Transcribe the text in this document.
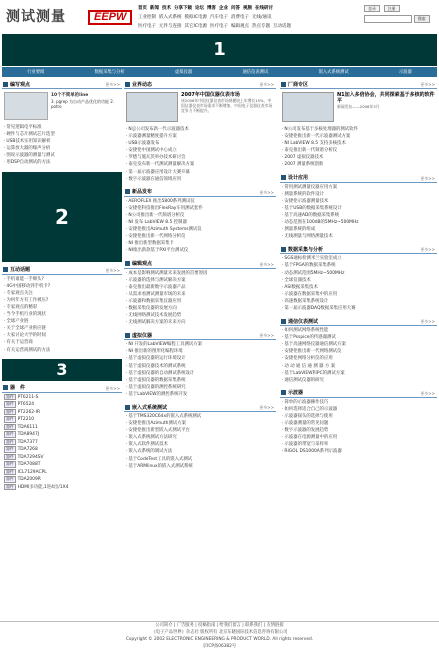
测试测量	EEPW
首页 新闻 技术 分享下载 论坛 博客 企业 问答 视频 在线研讨
工业控制 嵌入式系统 模拟IC电源 汽车电子 消费电子 无线/通讯
医疗电子 元件与连接 其它IC电源 医疗电子 编辑观点 热点专题 互动话题
登录	注册
搜索
1
行业要闻	数据采集与分析	虚拟仪器	通信仪表测试	嵌入式系统测试	示波器
编写观点	更多>>
10个不简单的line
3. pgrep 为自动产品优化的功能 2. potro
· 常见逻辑电平标准
· 硬件与芯片测试芯片选型
· USB技术实用知识解析
· 运算放大器的噪声分析
· 图说示波器的测量与测试
· 用DSP自动测试的方法
2
互动话题	更多>>
· 手机谁能一手爆头?
· 4G中国移动到手机卡?
· 专家观点关注
· 为何年方有工作被压?
· 专家观点的精彩
· 当今手机行业的现状
· 全球产业链
· 关于全球产业供应链
· 大家讨论大学的时间
· 有关于运营商
· 有关运营商测试的方法
3
器　件	更多>>
器件 PT6211-S
器件 PT6524
器件 PT2262-IR
器件 PT2210
器件 TDA6111
器件 TDA8947J
器件 TDA7377
器件 TDA7268
器件 TDA7294SV
器件 TDA7088T
器件 ICL7129ACPL
器件 TDA2009R
器件 HDMI多功能,1进4出/1X4
业界动态	更多>>
2007年中国仪器仪表市场
该2006年中国仪器仪表市场规模较上年增长15%，中国仪器仪表市场需求不断增加，中国电子仪器仪表市场竞争力不断提升。
· N总公司发布新一代示波器技术
· 示波器测量精度提升方案
· USB示波器发布
· 安捷伦中国测试中心成立
· 罗德与施瓦茨举办技术研讨会
· 泰克发布新一代测试测量解决方案
· 第一届示波器应用设计大赛开幕
· 数字示波器在通信领域应用
新品发布	更多>>
· AEROFLEX 推出5800系列测试仪
· 安捷伦科技推出FlexRay车用测试套件
· N公司推出新一代频谱分析仪
· NI 发布 LabVIEW 8.5 控制器
· 安捷伦推出Azimuth Systems测试仪
· 安捷伦推出新一代网络分析仪
· NI 推出新型数据采集卡
· NI推出新款基于PXI平台测试仪
编辑观点	更多>>
· 成本是影响测试测量未来发展的首要原因
· 示波器的选择与测试解决方案
· 泰克推出最新数字示波器产品
· 从需求看测试测量市场的未来
· 示波器和数据采集仪器应用
· 数据采集仪器的发展方向
· 无线网络测试技术发展趋势
· 无线测试解决方案的未来方向
虚拟仪器	更多>>
· NI 开发的LabVIEW编程工具测试方案
· NI 推出新的图形化编程环境
· 基于虚拟仪器的运行环境设计
· 基于虚拟仪器技术的测试系统
· 基于虚拟仪器的自动测试系统设计
· 基于虚拟仪器的数据采集系统
· 基于虚拟仪器的测控系统研究
· 基于LabVIEW的测控系统开发
嵌入式系统测试	更多>>
· 基于TMS320C64x的嵌入式系统测试
· 安捷伦推出Azimuth测试方案
· 安捷伦推出新型嵌入式测试平台
· 嵌入式系统测试方法研究
· 嵌入式软件测试技术
· 嵌入式系统的调试方法
· 基于CodeTest工具的嵌入式测试
· 基于ARMlinux的嵌入式测试系统
厂商专区	更多>>
N1加入多倍协会，共同探索基于多核的软件平
新闻发布——2008年3月
· N公司发布基于多核处理器的测试软件
· 安捷伦推出新一代示波器测试方案
· NI LabVIEW 8.5 支持多核技术
· 泰克推出新一代频谱分析仪
· 2007 虚拟仪器技术
· 2007 测量系统创新
设计应用	更多>>
· 常用测试测量仪器应用方案
· 测量系统的软件设计
· 安捷伦示波器测量技术
· 基于USB的数据采集系统设计
· 基于高速AD的数据采集系统
· 动态范围在100dB的5MHz~500MHz
· 测量系统的组成
· 无线测量与网络测量技术
数据采集与分析	更多>>
· SGS通标检测米兰实验室成立
· 基于FPGA的数据采集系统
· 动态测试范围5MHz~500MHz
· 全球仪器技术
· ASI数据采集技术
· 示波器在数据采集中的应用
· 高速数据采集系统设计
· 第一届示波器DAQ数据采集应用大赛
通信仪表测试	更多>>
· 如何测试网络系统性能
· 基于Psspice的传感器测试
· 基于高速网络仪器通信测试方案
· 安捷伦推出新一代网络测试仪
· 安捷伦网络分析仪的应用
· 动 动 通 信 通 测 器 方 案
· 基于LabVIEW和PC的测试方案
· 通信测试仪器的研究
示波器	更多>>
· 简单的示波器操作技巧
· 如何选择适合自己的示波器
· 示波器探头的选择与使用
· 示波器测量的常见问题
· 数字示波器的发展趋势
· 示波器在电源测量中的应用
· 示波器的带宽与采样率
· RIGOL DS1000A系列示波器
公司简介 | 广告服务 | 投稿指南 | 给我们留言 | 联系我们 | 友情链接
《电子产品世界》杂志社 版权所有 北京东晓国际技术信息咨询有限公司
Copyright © 2002 ELECTRONIC ENGINEERING & PRODUCT WORLD. All rights reserved.
京ICP备06382号
